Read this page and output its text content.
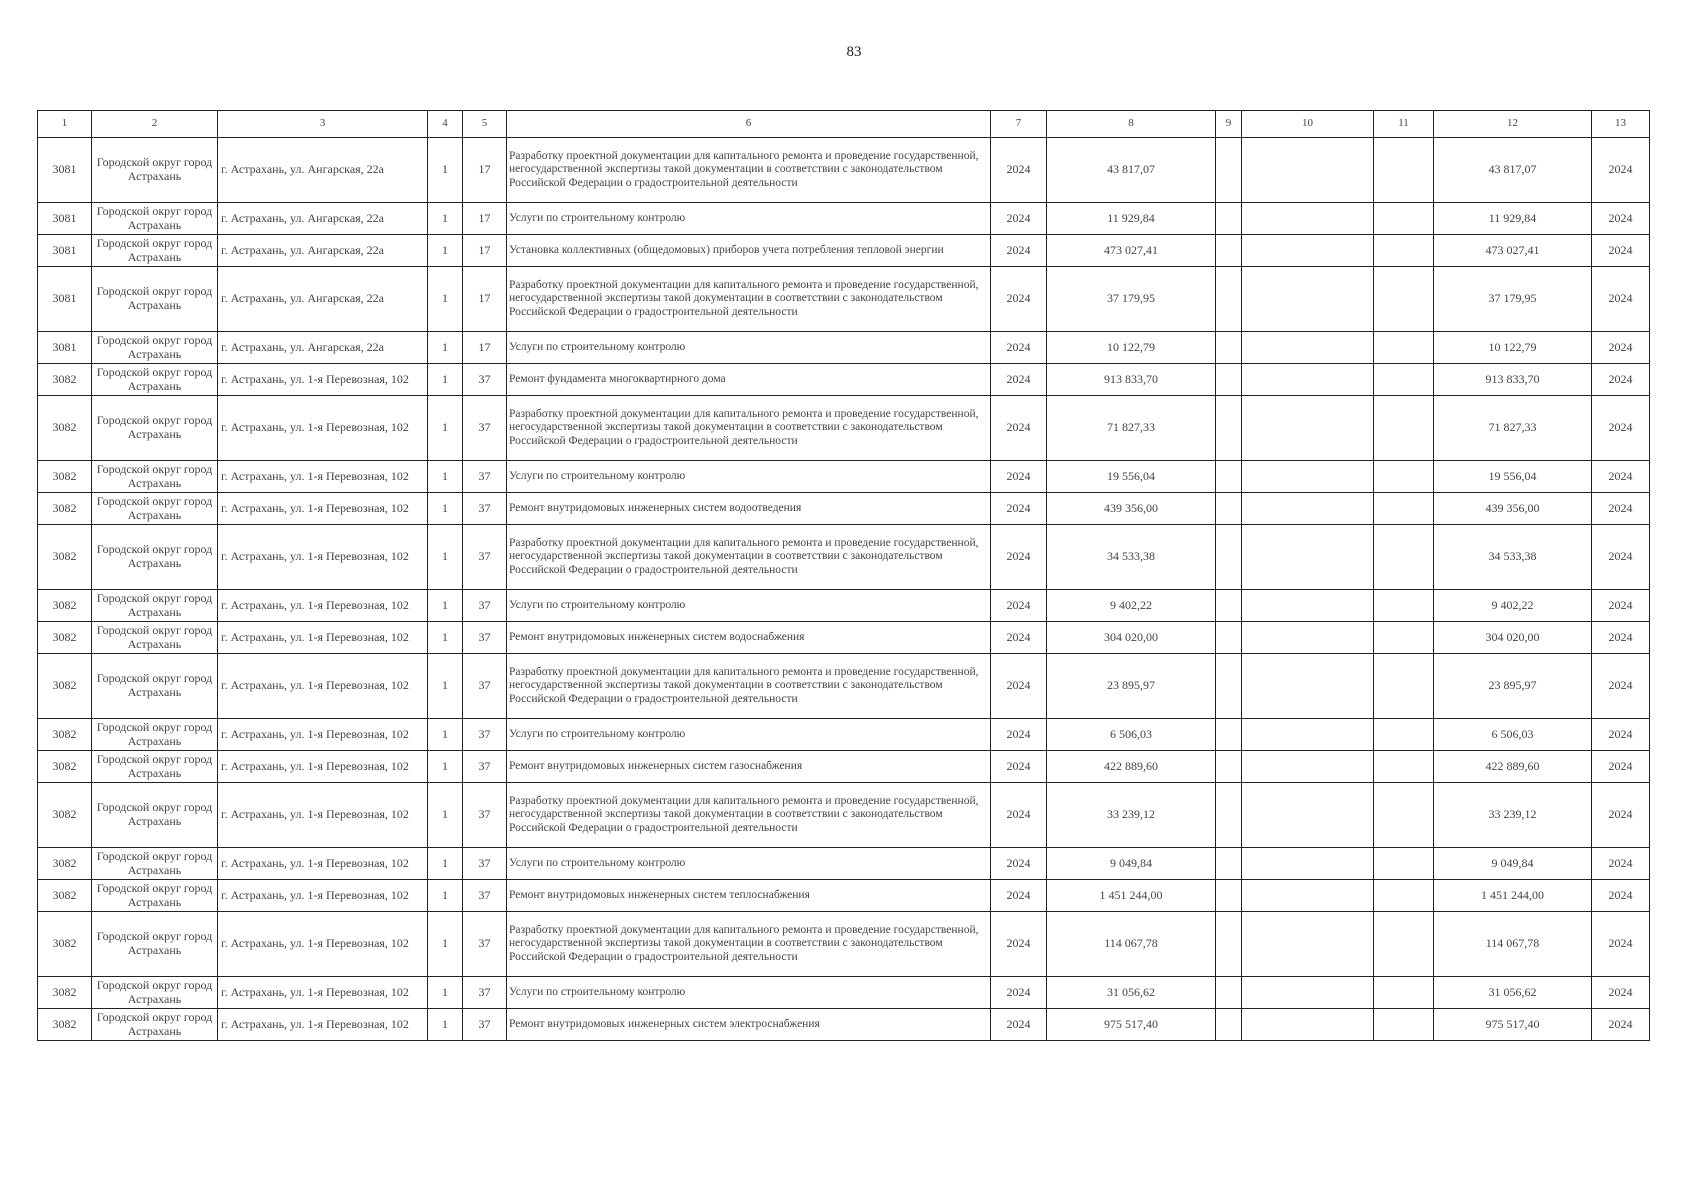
83
1	2	3	4	5	6	7	8	9	10	11	12	13
3081	Городской округ город Астрахань	г. Астрахань, ул. Ангарская, 22а	1	17	Разработку проектной документации для капитального ремонта и проведение государственной, негосударственной экспертизы такой документации в соответствии с законодательством Российской Федерации о градостроительной деятельности	2024	43 817,07				43 817,07	2024
3081	Городской округ город Астрахань	г. Астрахань, ул. Ангарская, 22а	1	17	Услуги по строительному контролю	2024	11 929,84				11 929,84	2024
3081	Городской округ город Астрахань	г. Астрахань, ул. Ангарская, 22а	1	17	Установка коллективных (общедомовых) приборов учета потребления тепловой энергии	2024	473 027,41				473 027,41	2024
3081	Городской округ город Астрахань	г. Астрахань, ул. Ангарская, 22а	1	17	Разработку проектной документации для капитального ремонта и проведение государственной, негосударственной экспертизы такой документации в соответствии с законодательством Российской Федерации о градостроительной деятельности	2024	37 179,95				37 179,95	2024
3081	Городской округ город Астрахань	г. Астрахань, ул. Ангарская, 22а	1	17	Услуги по строительному контролю	2024	10 122,79				10 122,79	2024
3082	Городской округ город Астрахань	г. Астрахань, ул. 1-я Перевозная, 102	1	37	Ремонт фундамента многоквартирного дома	2024	913 833,70				913 833,70	2024
3082	Городской округ город Астрахань	г. Астрахань, ул. 1-я Перевозная, 102	1	37	Разработку проектной документации для капитального ремонта и проведение государственной, негосударственной экспертизы такой документации в соответствии с законодательством Российской Федерации о градостроительной деятельности	2024	71 827,33				71 827,33	2024
3082	Городской округ город Астрахань	г. Астрахань, ул. 1-я Перевозная, 102	1	37	Услуги по строительному контролю	2024	19 556,04				19 556,04	2024
3082	Городской округ город Астрахань	г. Астрахань, ул. 1-я Перевозная, 102	1	37	Ремонт внутридомовых инженерных систем водоотведения	2024	439 356,00				439 356,00	2024
3082	Городской округ город Астрахань	г. Астрахань, ул. 1-я Перевозная, 102	1	37	Разработку проектной документации для капитального ремонта и проведение государственной, негосударственной экспертизы такой документации в соответствии с законодательством Российской Федерации о градостроительной деятельности	2024	34 533,38				34 533,38	2024
3082	Городской округ город Астрахань	г. Астрахань, ул. 1-я Перевозная, 102	1	37	Услуги по строительному контролю	2024	9 402,22				9 402,22	2024
3082	Городской округ город Астрахань	г. Астрахань, ул. 1-я Перевозная, 102	1	37	Ремонт внутридомовых инженерных систем водоснабжения	2024	304 020,00				304 020,00	2024
3082	Городской округ город Астрахань	г. Астрахань, ул. 1-я Перевозная, 102	1	37	Разработку проектной документации для капитального ремонта и проведение государственной, негосударственной экспертизы такой документации в соответствии с законодательством Российской Федерации о градостроительной деятельности	2024	23 895,97				23 895,97	2024
3082	Городской округ город Астрахань	г. Астрахань, ул. 1-я Перевозная, 102	1	37	Услуги по строительному контролю	2024	6 506,03				6 506,03	2024
3082	Городской округ город Астрахань	г. Астрахань, ул. 1-я Перевозная, 102	1	37	Ремонт внутридомовых инженерных систем газоснабжения	2024	422 889,60				422 889,60	2024
3082	Городской округ город Астрахань	г. Астрахань, ул. 1-я Перевозная, 102	1	37	Разработку проектной документации для капитального ремонта и проведение государственной, негосударственной экспертизы такой документации в соответствии с законодательством Российской Федерации о градостроительной деятельности	2024	33 239,12				33 239,12	2024
3082	Городской округ город Астрахань	г. Астрахань, ул. 1-я Перевозная, 102	1	37	Услуги по строительному контролю	2024	9 049,84				9 049,84	2024
3082	Городской округ город Астрахань	г. Астрахань, ул. 1-я Перевозная, 102	1	37	Ремонт внутридомовых инженерных систем теплоснабжения	2024	1 451 244,00				1 451 244,00	2024
3082	Городской округ город Астрахань	г. Астрахань, ул. 1-я Перевозная, 102	1	37	Разработку проектной документации для капитального ремонта и проведение государственной, негосударственной экспертизы такой документации в соответствии с законодательством Российской Федерации о градостроительной деятельности	2024	114 067,78				114 067,78	2024
3082	Городской округ город Астрахань	г. Астрахань, ул. 1-я Перевозная, 102	1	37	Услуги по строительному контролю	2024	31 056,62				31 056,62	2024
3082	Городской округ город Астрахань	г. Астрахань, ул. 1-я Перевозная, 102	1	37	Ремонт внутридомовых инженерных систем электроснабжения	2024	975 517,40				975 517,40	2024
